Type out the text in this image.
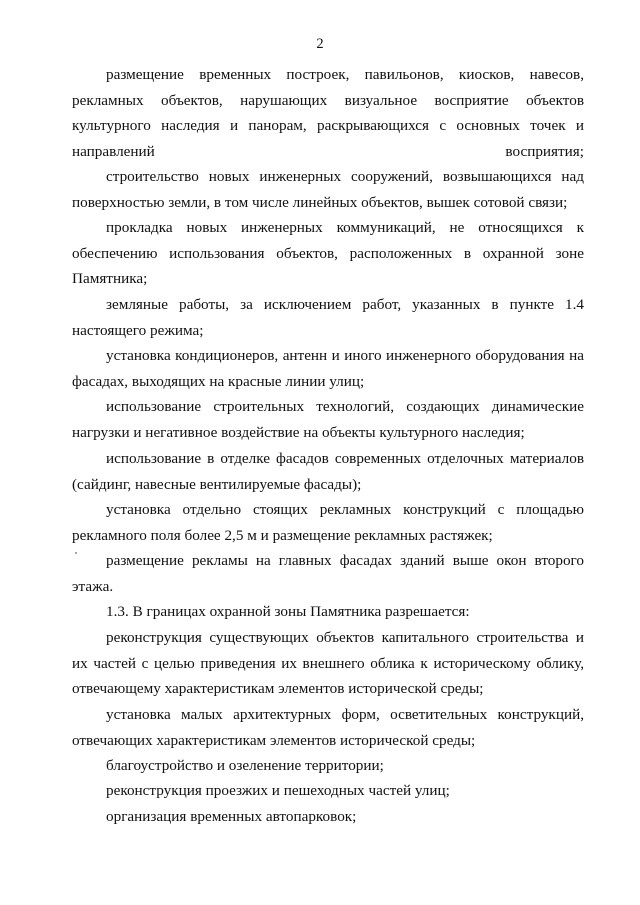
2

размещение временных построек, павильонов, киосков, навесов, рекламных объектов, нарушающих визуальное восприятие объектов культурного наследия и панорам, раскрывающихся с основных точек и направлений восприятия;

строительство новых инженерных сооружений, возвышающихся над поверхностью земли, в том числе линейных объектов, вышек сотовой связи;

прокладка новых инженерных коммуникаций, не относящихся к обеспечению использования объектов, расположенных в охранной зоне Памятника;

земляные работы, за исключением работ, указанных в пункте 1.4 настоящего режима;

установка кондиционеров, антенн и иного инженерного оборудования на фасадах, выходящих на красные линии улиц;

использование строительных технологий, создающих динамические нагрузки и негативное воздействие на объекты культурного наследия;

использование в отделке фасадов современных отделочных материалов (сайдинг, навесные вентилируемые фасады);

установка отдельно стоящих рекламных конструкций с площадью рекламного поля более 2,5 м и размещение рекламных растяжек;

размещение рекламы на главных фасадах зданий выше окон второго этажа.

1.3. В границах охранной зоны Памятника разрешается:

реконструкция существующих объектов капитального строительства и их частей с целью приведения их внешнего облика к историческому облику, отвечающему характеристикам элементов исторической среды;

установка малых архитектурных форм, осветительных конструкций, отвечающих характеристикам элементов исторической среды;

благоустройство и озеленение территории;

реконструкция проезжих и пешеходных частей улиц;

организация временных автопарковок;
